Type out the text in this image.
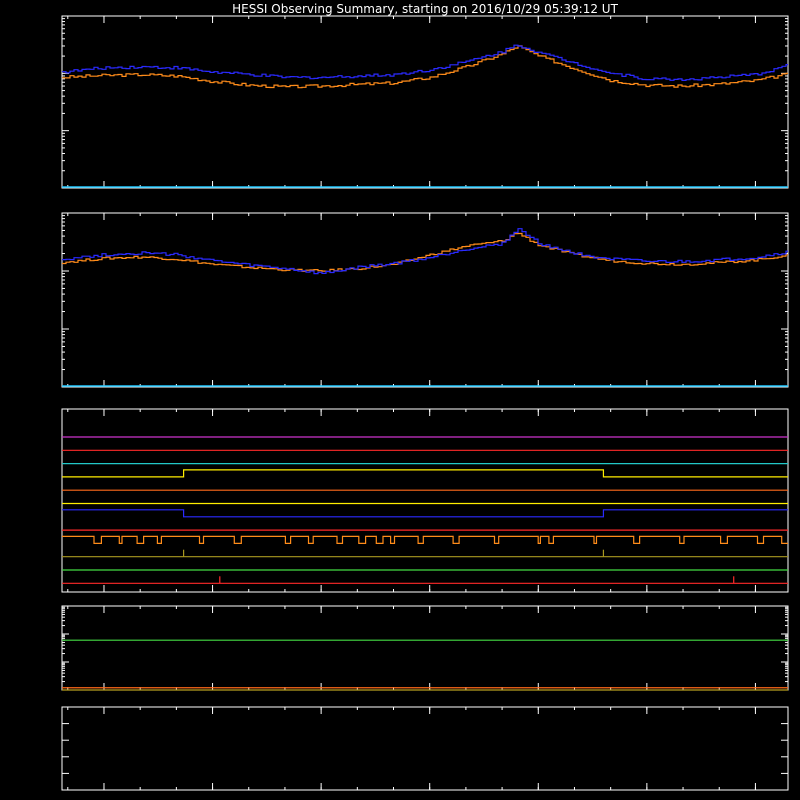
HESSI Observing Summary, starting on 2016/10/29 05:39:12 UT
